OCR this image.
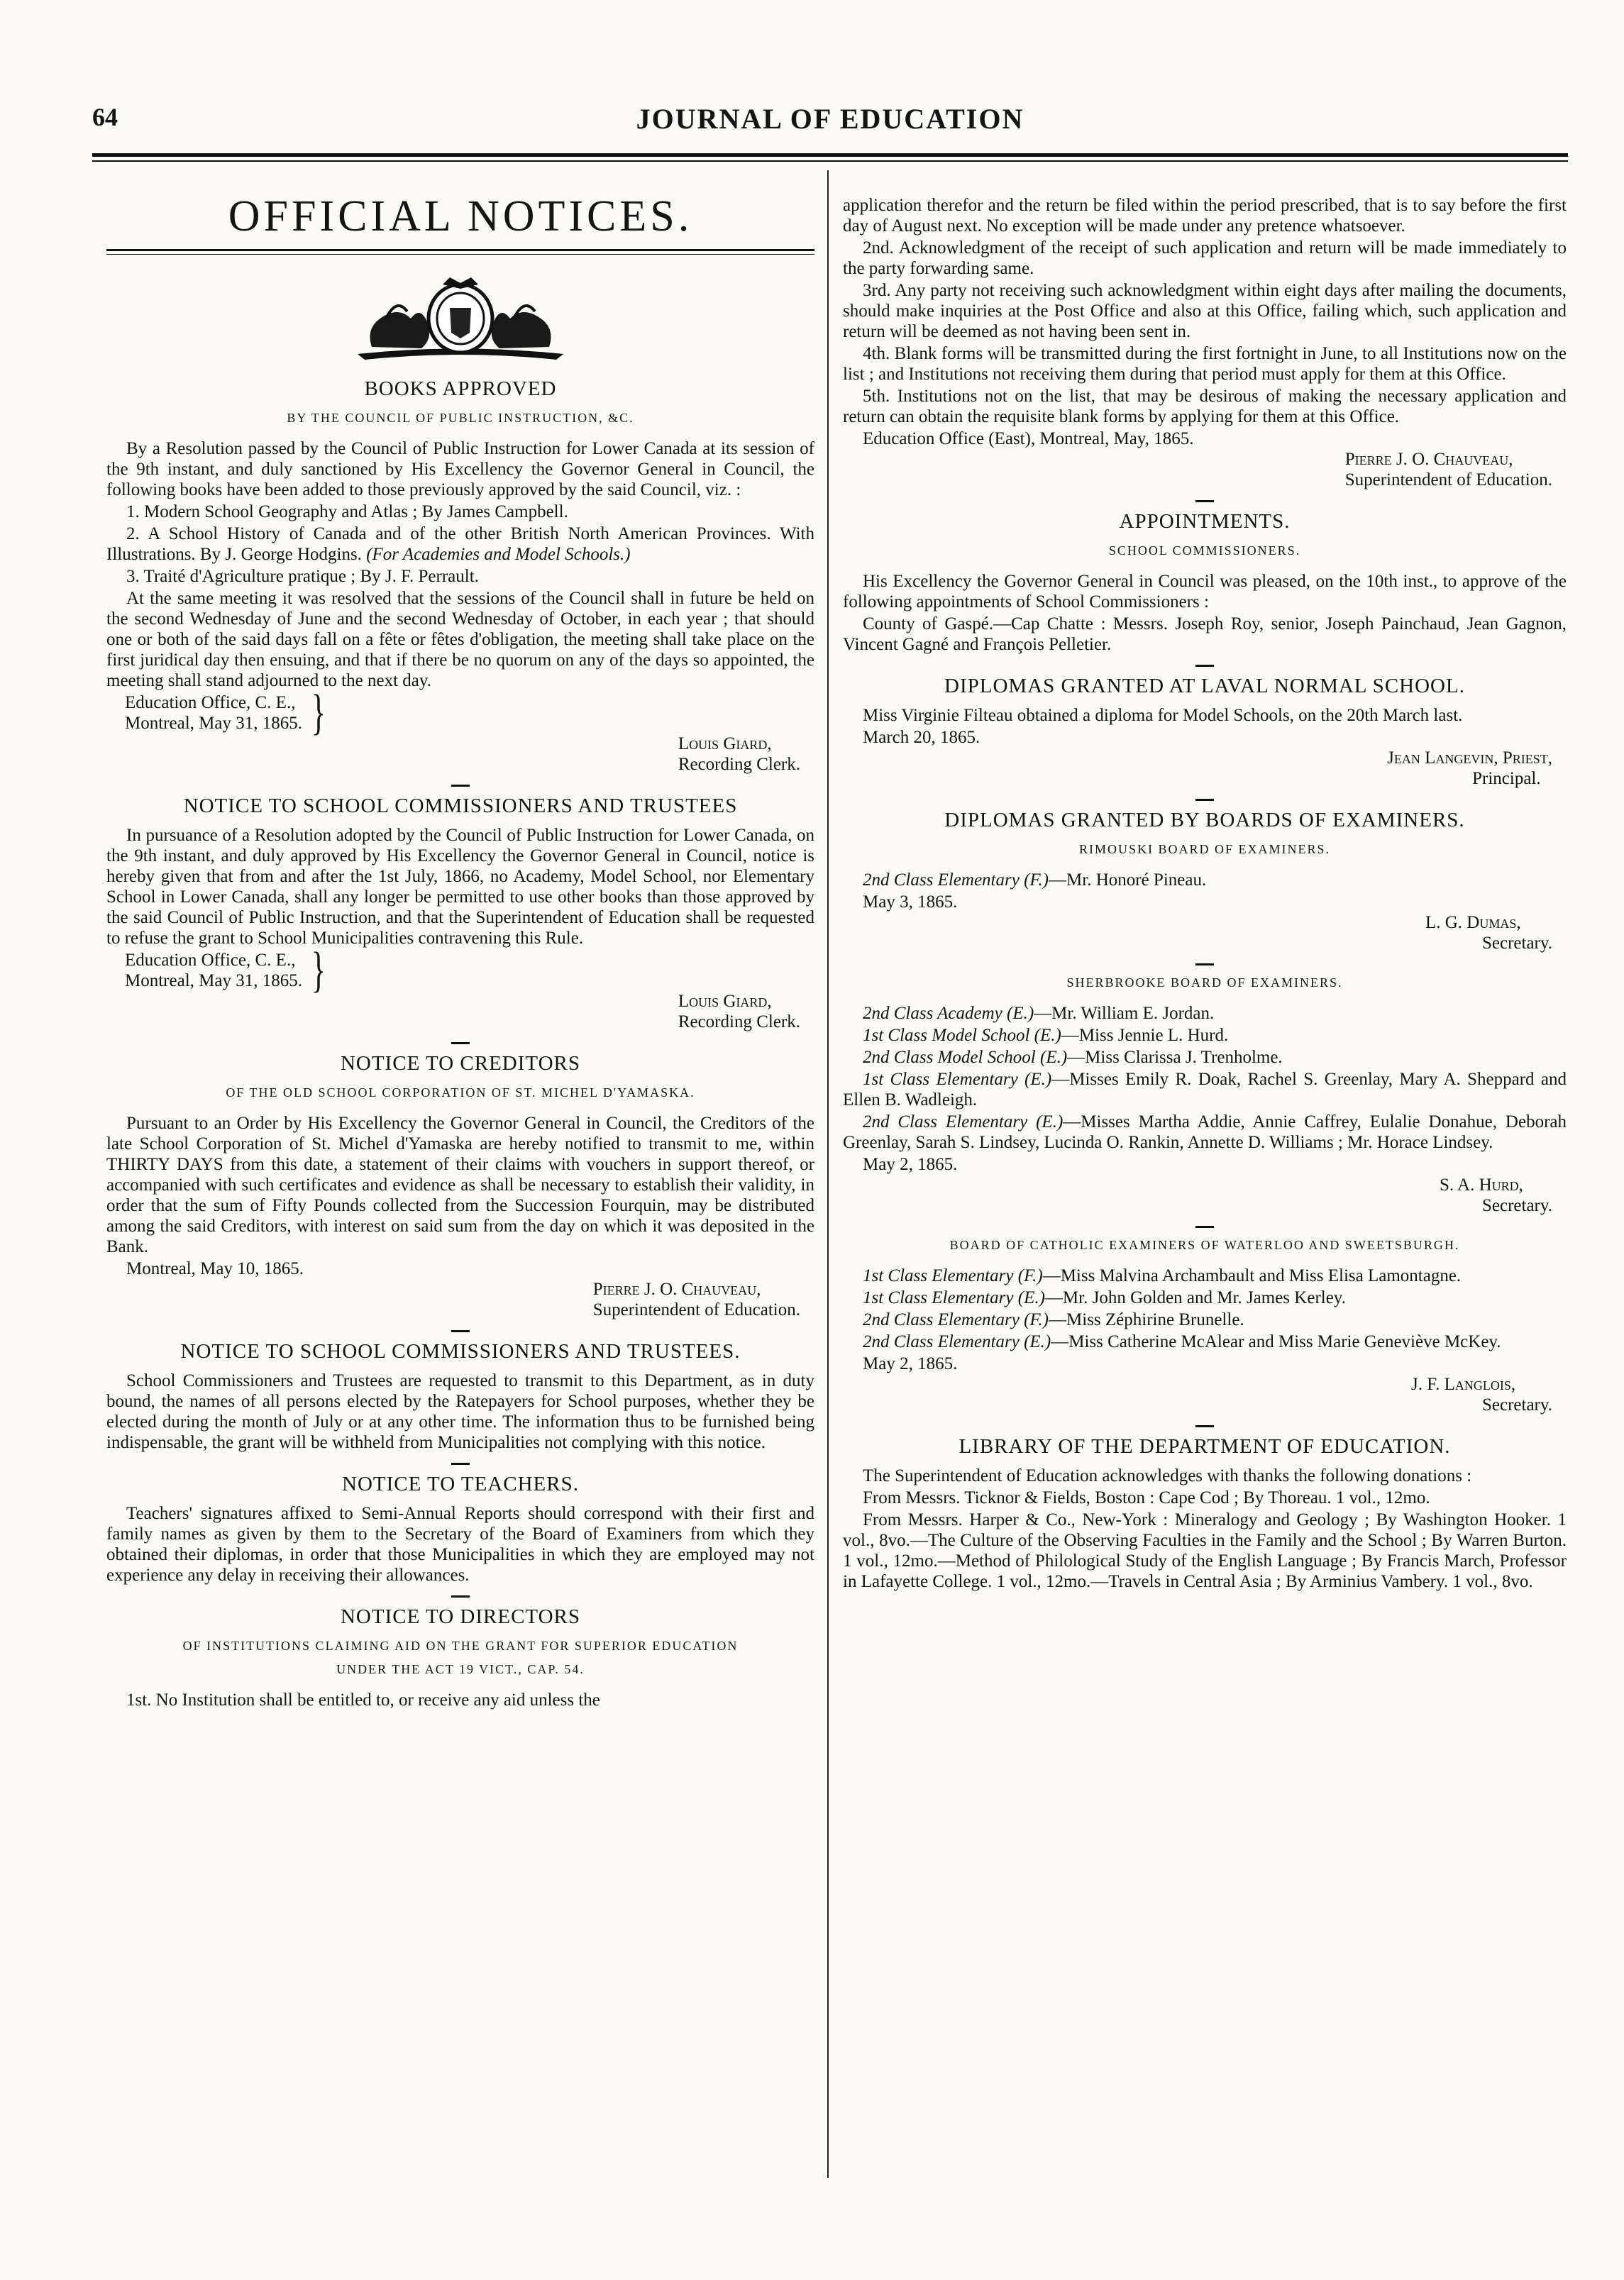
64	JOURNAL OF EDUCATION
OFFICIAL NOTICES.
BOOKS APPROVED
BY THE COUNCIL OF PUBLIC INSTRUCTION, &C.

By a Resolution passed by the Council of Public Instruction for Lower Canada at its session of the 9th instant, and duly sanctioned by His Excellency the Governor General in Council, the following books have been added to those previously approved by the said Council, viz. :

1. Modern School Geography and Atlas ; By James Campbell.

2. A School History of Canada and of the other British North American Provinces. With Illustrations. By J. George Hodgins. (For Academies and Model Schools.)

3. Traité d'Agriculture pratique ; By J. F. Perrault.

At the same meeting it was resolved that the sessions of the Council shall in future be held on the second Wednesday of June and the second Wednesday of October, in each year ; that should one or both of the said days fall on a fête or fêtes d'obligation, the meeting shall take place on the first juridical day then ensuing, and that if there be no quorum on any of the days so appointed, the meeting shall stand adjourned to the next day.

Education Office, C. E.,
Montreal, May 31, 1865. }
Louis Giard,
Recording Clerk.
NOTICE TO SCHOOL COMMISSIONERS AND TRUSTEES

In pursuance of a Resolution adopted by the Council of Public Instruction for Lower Canada, on the 9th instant, and duly approved by His Excellency the Governor General in Council, notice is hereby given that from and after the 1st July, 1866, no Academy, Model School, nor Elementary School in Lower Canada, shall any longer be permitted to use other books than those approved by the said Council of Public Instruction, and that the Superintendent of Education shall be requested to refuse the grant to School Municipalities contravening this Rule.

Education Office, C. E.,
Montreal, May 31, 1865. }
Louis Giard,
Recording Clerk.
NOTICE TO CREDITORS
OF THE OLD SCHOOL CORPORATION OF ST. MICHEL D'YAMASKA.

Pursuant to an Order by His Excellency the Governor General in Council, the Creditors of the late School Corporation of St. Michel d'Yamaska are hereby notified to transmit to me, within THIRTY DAYS from this date, a statement of their claims with vouchers in support thereof, or accompanied with such certificates and evidence as shall be necessary to establish their validity, in order that the sum of Fifty Pounds collected from the Succession Fourquin, may be distributed among the said Creditors, with interest on said sum from the day on which it was deposited in the Bank.

Montreal, May 10, 1865.
Pierre J. O. Chauveau,
Superintendent of Education.
NOTICE TO SCHOOL COMMISSIONERS AND TRUSTEES.

School Commissioners and Trustees are requested to transmit to this Department, as in duty bound, the names of all persons elected by the Ratepayers for School purposes, whether they be elected during the month of July or at any other time. The information thus to be furnished being indispensable, the grant will be withheld from Municipalities not complying with this notice.

NOTICE TO TEACHERS.

Teachers' signatures affixed to Semi-Annual Reports should correspond with their first and family names as given by them to the Secretary of the Board of Examiners from which they obtained their diplomas, in order that those Municipalities in which they are employed may not experience any delay in receiving their allowances.

NOTICE TO DIRECTORS
OF INSTITUTIONS CLAIMING AID ON THE GRANT FOR SUPERIOR EDUCATION
UNDER THE ACT 19 VICT., CAP. 54.

1st. No Institution shall be entitled to, or receive any aid unless the

application therefor and the return be filed within the period prescribed, that is to say before the first day of August next. No exception will be made under any pretence whatsoever.

2nd. Acknowledgment of the receipt of such application and return will be made immediately to the party forwarding same.

3rd. Any party not receiving such acknowledgment within eight days after mailing the documents, should make inquiries at the Post Office and also at this Office, failing which, such application and return will be deemed as not having been sent in.

4th. Blank forms will be transmitted during the first fortnight in June, to all Institutions now on the list ; and Institutions not receiving them during that period must apply for them at this Office.

5th. Institutions not on the list, that may be desirous of making the necessary application and return can obtain the requisite blank forms by applying for them at this Office.

Education Office (East), Montreal, May, 1865.
Pierre J. O. Chauveau,
Superintendent of Education.
APPOINTMENTS.
SCHOOL COMMISSIONERS.

His Excellency the Governor General in Council was pleased, on the 10th inst., to approve of the following appointments of School Commissioners :

County of Gaspé.—Cap Chatte : Messrs. Joseph Roy, senior, Joseph Painchaud, Jean Gagnon, Vincent Gagné and François Pelletier.

DIPLOMAS GRANTED AT LAVAL NORMAL SCHOOL.

Miss Virginie Filteau obtained a diploma for Model Schools, on the 20th March last.

March 20, 1865.
Jean Langevin, Priest,
Principal.
DIPLOMAS GRANTED BY BOARDS OF EXAMINERS.
RIMOUSKI BOARD OF EXAMINERS.

2nd Class Elementary (F.)—Mr. Honoré Pineau.

May 3, 1865.
L. G. Dumas,
Secretary.
SHERBROOKE BOARD OF EXAMINERS.

2nd Class Academy (E.)—Mr. William E. Jordan.

1st Class Model School (E.)—Miss Jennie L. Hurd.

2nd Class Model School (E.)—Miss Clarissa J. Trenholme.

1st Class Elementary (E.)—Misses Emily R. Doak, Rachel S. Greenlay, Mary A. Sheppard and Ellen B. Wadleigh.

2nd Class Elementary (E.)—Misses Martha Addie, Annie Caffrey, Eulalie Donahue, Deborah Greenlay, Sarah S. Lindsey, Lucinda O. Rankin, Annette D. Williams ; Mr. Horace Lindsey.

May 2, 1865.
S. A. Hurd,
Secretary.
BOARD OF CATHOLIC EXAMINERS OF WATERLOO AND SWEETSBURGH.

1st Class Elementary (F.)—Miss Malvina Archambault and Miss Elisa Lamontagne.

1st Class Elementary (E.)—Mr. John Golden and Mr. James Kerley.

2nd Class Elementary (F.)—Miss Zéphirine Brunelle.

2nd Class Elementary (E.)—Miss Catherine McAlear and Miss Marie Geneviève McKey.

May 2, 1865.
J. F. Langlois,
Secretary.
LIBRARY OF THE DEPARTMENT OF EDUCATION.

The Superintendent of Education acknowledges with thanks the following donations :

From Messrs. Ticknor & Fields, Boston : Cape Cod ; By Thoreau. 1 vol., 12mo.

From Messrs. Harper & Co., New-York : Mineralogy and Geology ; By Washington Hooker. 1 vol., 8vo.—The Culture of the Observing Faculties in the Family and the School ; By Warren Burton. 1 vol., 12mo.—Method of Philological Study of the English Language ; By Francis March, Professor in Lafayette College. 1 vol., 12mo.—Travels in Central Asia ; By Arminius Vambery. 1 vol., 8vo.
